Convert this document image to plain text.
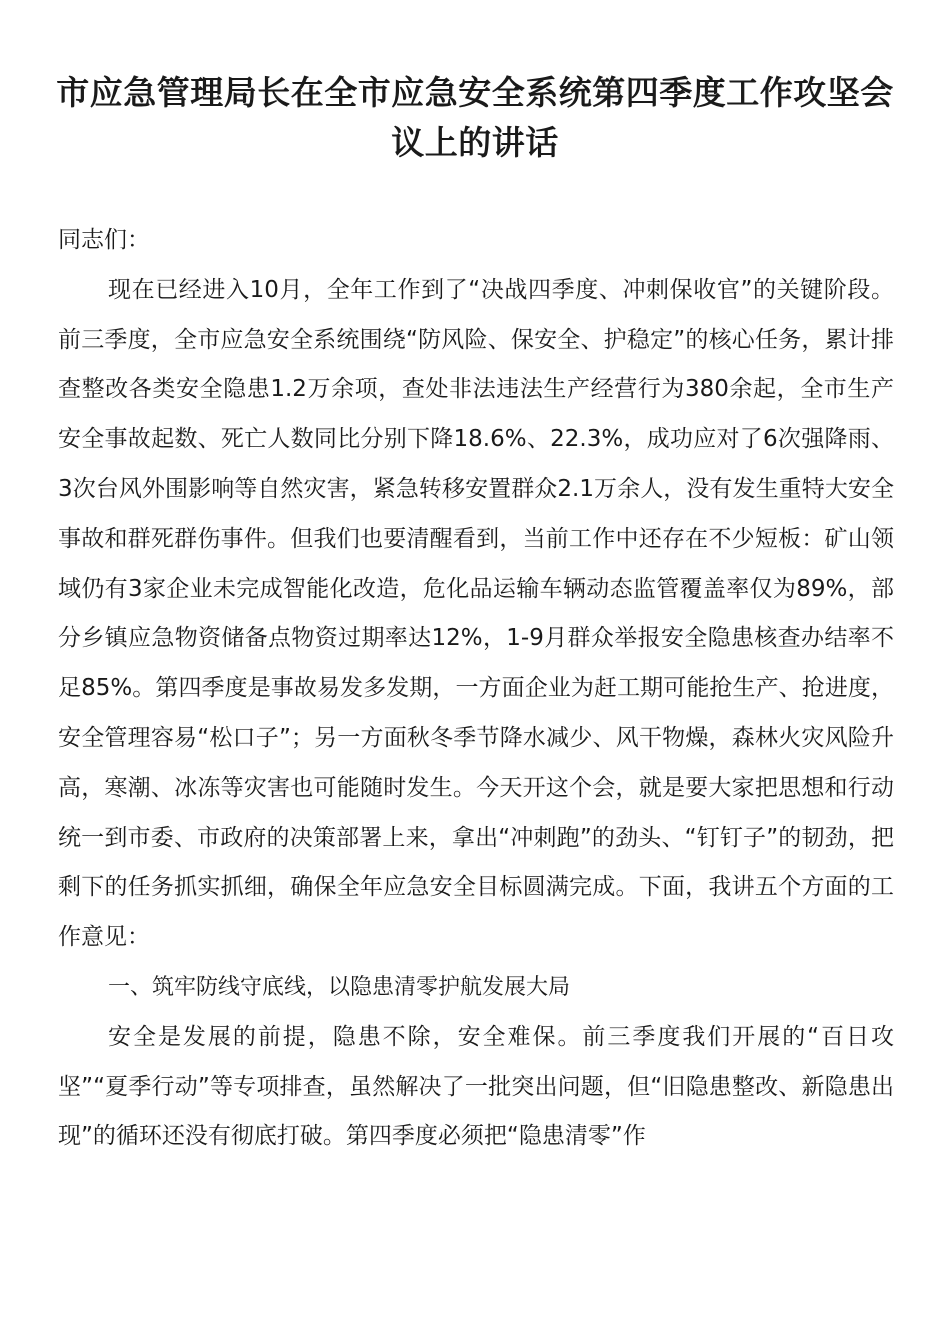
市应急管理局长在全市应急安全系统第四季度工作攻坚会议上的讲话

同志们：

现在已经进入10月，全年工作到了“决战四季度、冲刺保收官”的关键阶段。前三季度，全市应急安全系统围绕“防风险、保安全、护稳定”的核心任务，累计排查整改各类安全隐患1.2万余项，查处非法违法生产经营行为380余起，全市生产安全事故起数、死亡人数同比分别下降18.6%、22.3%，成功应对了6次强降雨、3次台风外围影响等自然灾害，紧急转移安置群众2.1万余人，没有发生重特大安全事故和群死群伤事件。但我们也要清醒看到，当前工作中还存在不少短板：矿山领域仍有3家企业未完成智能化改造，危化品运输车辆动态监管覆盖率仅为89%，部分乡镇应急物资储备点物资过期率达12%，1-9月群众举报安全隐患核查办结率不足85%。第四季度是事故易发多发期，一方面企业为赶工期可能抢生产、抢进度，安全管理容易“松口子”；另一方面秋冬季节降水减少、风干物燥，森林火灾风险升高，寒潮、冰冻等灾害也可能随时发生。今天开这个会，就是要大家把思想和行动统一到市委、市政府的决策部署上来，拿出“冲刺跑”的劲头、“钉钉子”的韧劲，把剩下的任务抓实抓细，确保全年应急安全目标圆满完成。下面，我讲五个方面的工作意见：

一、筑牢防线守底线，以隐患清零护航发展大局

安全是发展的前提，隐患不除，安全难保。前三季度我们开展的“百日攻坚”“夏季行动”等专项排查，虽然解决了一批突出问题，但“旧隐患整改、新隐患出现”的循环还没有彻底打破。第四季度必须把“隐患清零”作
